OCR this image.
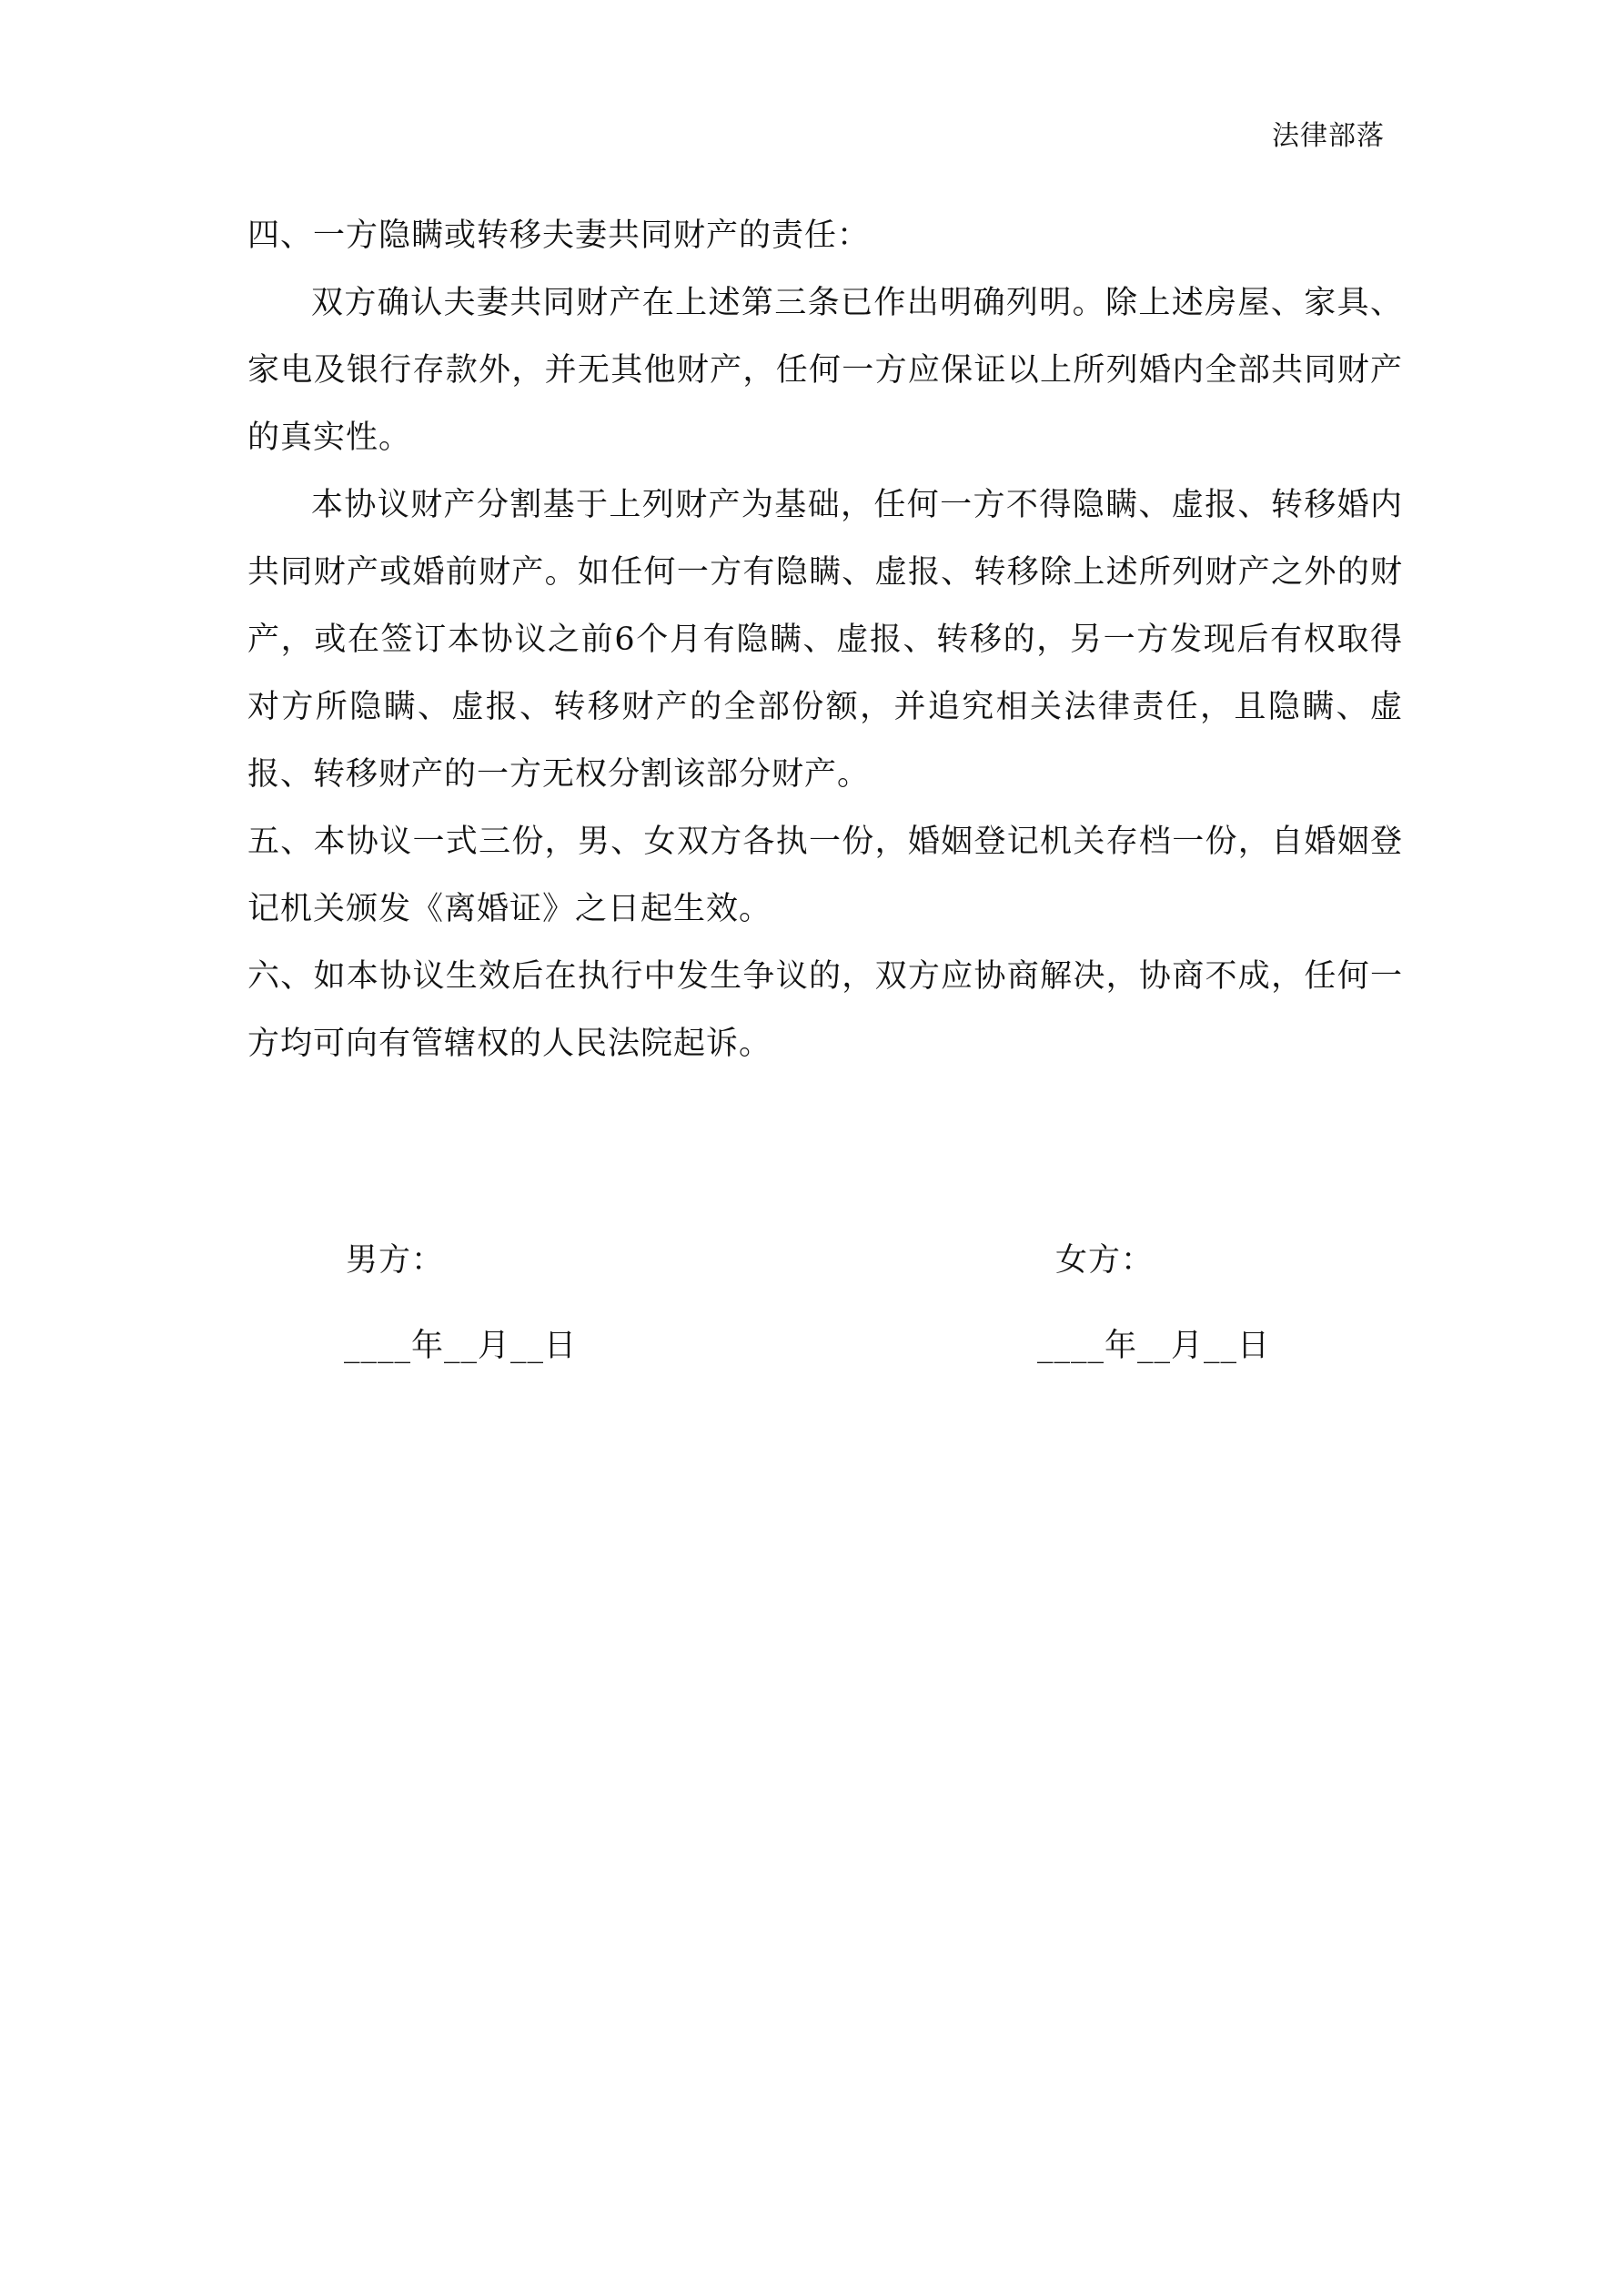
法律部落

四、一方隐瞒或转移夫妻共同财产的责任：

双方确认夫妻共同财产在上述第三条已作出明确列明。除上述房屋、家具、家电及银行存款外，并无其他财产，任何一方应保证以上所列婚内全部共同财产的真实性。

本协议财产分割基于上列财产为基础，任何一方不得隐瞒、虚报、转移婚内共同财产或婚前财产。如任何一方有隐瞒、虚报、转移除上述所列财产之外的财产，或在签订本协议之前6个月有隐瞒、虚报、转移的，另一方发现后有权取得对方所隐瞒、虚报、转移财产的全部份额，并追究相关法律责任，且隐瞒、虚报、转移财产的一方无权分割该部分财产。

五、本协议一式三份，男、女双方各执一份，婚姻登记机关存档一份，自婚姻登记机关颁发《离婚证》之日起生效。

六、如本协议生效后在执行中发生争议的，双方应协商解决，协商不成，任何一方均可向有管辖权的人民法院起诉。

男方：	女方：
____年__月__日	____年__月__日
